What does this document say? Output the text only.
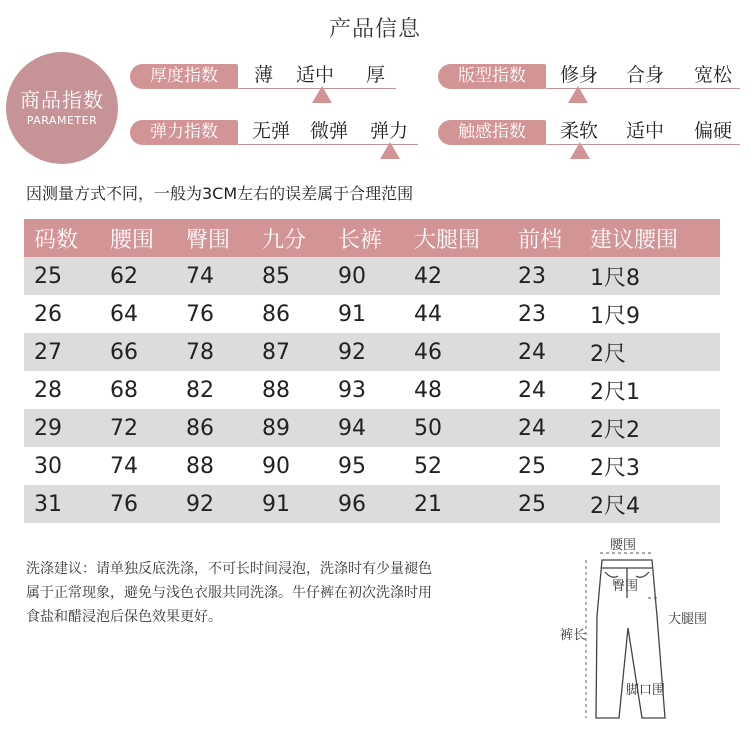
产品信息
商品指数
PARAMETER
厚度指数	薄 适中 厚	版型指数	修身 合身 宽松
弹力指数	无弹 微弹 弹力	触感指数	柔软 适中 偏硬
因测量方式不同，一般为3CM左右的误差属于合理范围
码数	腰围	臀围	九分	长裤	大腿围	前档	建议腰围
25	62	74	85	90	42	23	1尺8
26	64	76	86	91	44	23	1尺9
27	66	78	87	92	46	24	2尺
28	68	82	88	93	48	24	2尺1
29	72	86	89	94	50	24	2尺2
30	74	88	90	95	52	25	2尺3
31	76	92	91	96	21	25	2尺4
洗涤建议：请单独反底洗涤，不可长时间浸泡，洗涤时有少量褪色
属于正常现象，避免与浅色衣服共同洗涤。牛仔裤在初次洗涤时用
食盐和醋浸泡后保色效果更好。
腰围
臀围
裤长
大腿围
脚口围
